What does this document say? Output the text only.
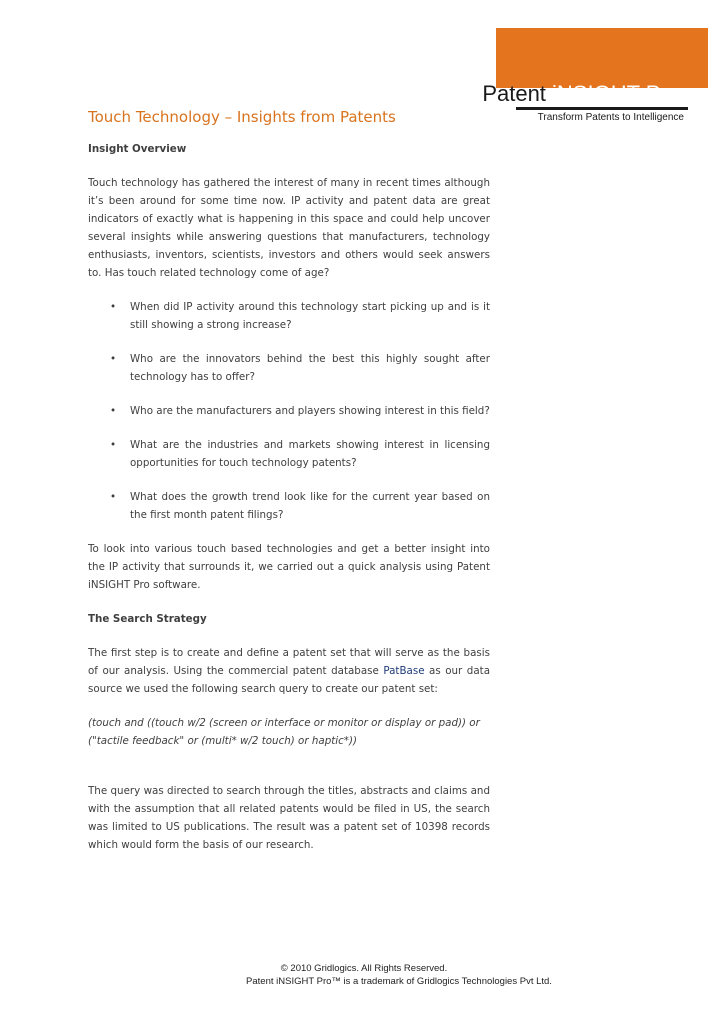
Patent iNSIGHT Pro
Transform Patents to Intelligence
Touch Technology – Insights from Patents
Insight Overview

Touch technology has gathered the interest of many in recent times although it’s been around for some time now. IP activity and patent data are great indicators of exactly what is happening in this space and could help uncover several insights while answering questions that manufacturers, technology enthusiasts, inventors, scientists, investors and others would seek answers to. Has touch related technology come of age?

• When did IP activity around this technology start picking up and is it still showing a strong increase?
• Who are the innovators behind the best this highly sought after technology has to offer?
• Who are the manufacturers and players showing interest in this field?
• What are the industries and markets showing interest in licensing opportunities for touch technology patents?
• What does the growth trend look like for the current year based on the first month patent filings?

To look into various touch based technologies and get a better insight into the IP activity that surrounds it, we carried out a quick analysis using Patent iNSIGHT Pro software.

The Search Strategy

The first step is to create and define a patent set that will serve as the basis of our analysis. Using the commercial patent database PatBase as our data source we used the following search query to create our patent set:

(touch and ((touch w/2 (screen or interface or monitor or display or pad)) or ("tactile feedback" or (multi* w/2 touch) or haptic*))

The query was directed to search through the titles, abstracts and claims and with the assumption that all related patents would be filed in US, the search was limited to US publications. The result was a patent set of 10398 records which would form the basis of our research.

© 2010 Gridlogics. All Rights Reserved.
Patent iNSIGHT Pro™ is a trademark of Gridlogics Technologies Pvt Ltd.
